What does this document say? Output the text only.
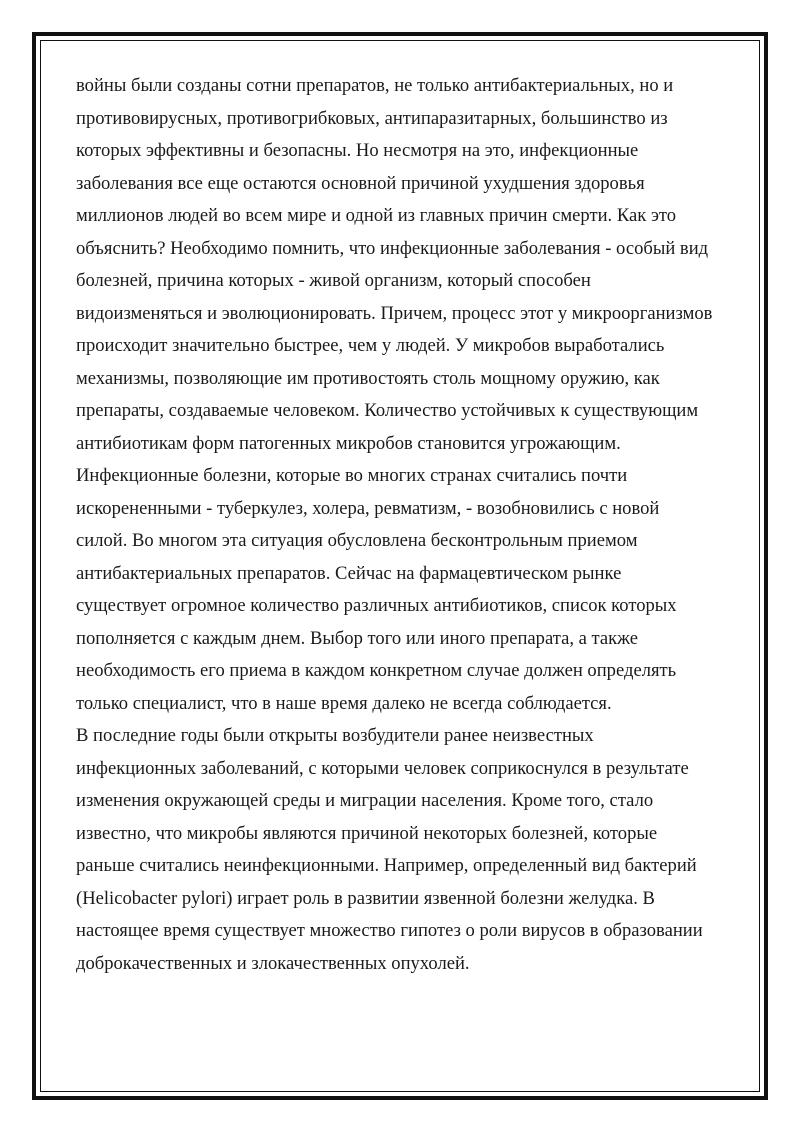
войны были созданы сотни препаратов, не только антибактериальных, но и
противовирусных, противогрибковых, антипаразитарных, большинство из
которых эффективны и безопасны. Но несмотря на это, инфекционные
заболевания все еще остаются основной причиной ухудшения здоровья
миллионов людей во всем мире и одной из главных причин смерти. Как это
объяснить? Необходимо помнить, что инфекционные заболевания - особый вид
болезней, причина которых - живой организм, который способен
видоизменяться и эволюционировать. Причем, процесс этот у микроорганизмов
происходит значительно быстрее, чем у людей. У микробов выработались
механизмы, позволяющие им противостоять столь мощному оружию, как
препараты, создаваемые человеком. Количество устойчивых к существующим
антибиотикам форм патогенных микробов становится угрожающим.
Инфекционные болезни, которые во многих странах считались почти
искорененными - туберкулез, холера, ревматизм, - возобновились с новой
силой. Во многом эта ситуация обусловлена бесконтрольным приемом
антибактериальных препаратов. Сейчас на фармацевтическом рынке
существует огромное количество различных антибиотиков, список которых
пополняется с каждым днем. Выбор того или иного препарата, а также
необходимость его приема в каждом конкретном случае должен определять
только специалист, что в наше время далеко не всегда соблюдается.
В последние годы были открыты возбудители ранее неизвестных
инфекционных заболеваний, с которыми человек соприкоснулся в результате
изменения окружающей среды и миграции населения. Кроме того, стало
известно, что микробы являются причиной некоторых болезней, которые
раньше считались неинфекционными. Например, определенный вид бактерий
(Helicobacter pylori) играет роль в развитии язвенной болезни желудка. В
настоящее время существует множество гипотез о роли вирусов в образовании
доброкачественных и злокачественных опухолей.
